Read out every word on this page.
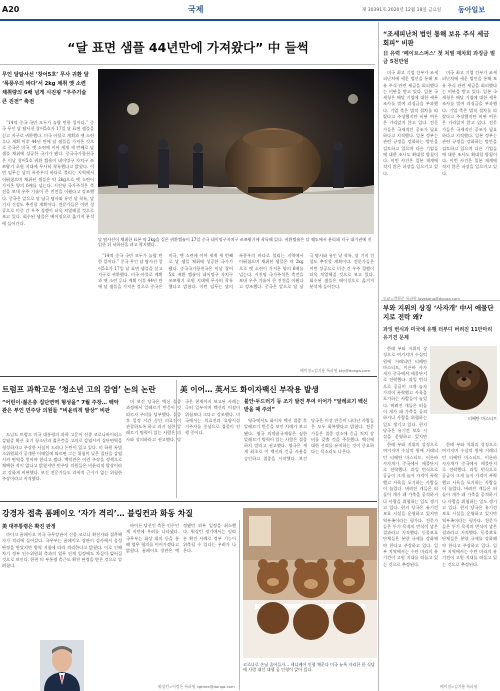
A20	국제	제 30391호 2020년 12월 18일 금요일 동아일보
“달 표면 샘플 44년만에 가져왔다” 中 들썩
무인 달탐사선 ‘창어5호’ 무사 귀환 달 ‘폭풍우의 바다’서 2kg 채취 옛 소련 채취량의 6배 넘게 시진핑 “우주기술 큰 진전” 축전

“14억 중국 국민 모두가 놀랄 만한 일이다.” 중국 무인 달 탐사선 창어5호가 17일 달 표면 샘플을 싣고 지구로 귀환했다. 미국 아폴로 계획과 옛 소련 루나 계획 이후 44년 만에 달 샘플을 가져온 것으로 중국은 미국, 옛 소련에 이어 세계 세 번째로 달 샘플 채취에 성공한 국가가 됐다. 중국국가항천국은 이날 창어5호 귀환 캡슐이 네이멍구 자치구 쓰쯔왕기 초원 지대에 무사히 착륙했다고 밝혔다. 이번 임무는 달의 폭풍우의 바다로 불리는 지역에서 이뤄졌으며 채취된 샘플은 약 2kg으로 옛 소련이 가져온 양의 6배를 넘는다. 시진핑 국가주석은 축전을 보내 우주 기술이 큰 진전을 이뤘다고 강조했다. 중국은 앞으로 달 남극 탐사와 유인 달 착륙, 달 기지 건설도 추진할 계획이다. 전문가들은 이번 성공으로 미중 간 우주 경쟁이 더욱 치열해질 것으로 보고 있다. 회수된 샘플은 베이징으로 옮겨져 분석에 들어간다.

달 탐사선이 채취한 표본 약 2kg을 실은 귀환캡슐이 17일 중국 네이멍구자치구 쓰쯔왕기에 착륙해 있다. 귀환캡슐은 달 궤도에서 분리돼 지구 대기권에 진입한 뒤 낙하산을 펴고 착지했다.

“14억 중국 국민 모두가 놀랄 만한 일이다.” 중국 무인 달 탐사선 창어5호가 17일 달 표면 샘플을 싣고 지구로 귀환했다. 미국 아폴로 계획과 옛 소련 루나 계획 이후 44년 만에 달 샘플을 가져온 것으로 중국은 미국, 옛 소련에 이어 세계 세 번째로 달 샘플 채취에 성공한 국가가 됐다. 중국국가항천국은 이날 창어5호 귀환 캡슐이 네이멍구 자치구 쓰쯔왕기 초원 지대에 무사히 착륙했다고 밝혔다. 이번 임무는 달의 폭풍우의 바다로 불리는 지역에서 이뤄졌으며 채취된 샘플은 약 2kg으로 옛 소련이 가져온 양의 6배를 넘는다. 시진핑 국가주석은 축전을 보내 우주 기술이 큰 진전을 이뤘다고 강조했다. 중국은 앞으로 달 남극 탐사와 유인 달 착륙, 달 기지 건설도 추진할 계획이다. 전문가들은 이번 성공으로 미중 간 우주 경쟁이 더욱 치열해질 것으로 보고 있다. 회수된 샘플은 베이징으로 옮겨져 분석에 들어간다.

베이징=김기용 특파원 kky@donga.com
“조세피난처 법인 통해 보유 주식 세금 회피” 비판
日 유력 ‘페이트스퍼스’ 첫 처벌 재차회 과징금 벌금 5천만원

미국 최고 기업 간부가 조세피난처에 세운 법인을 통해 보유 주식 관련 세금을 회피했다는 비판을 받고 있다. 일본 국세청은 해당 기업에 대한 세무조사를 벌여 과징금을 부과했다. 기업 측은 법적 절차를 따랐다고 주장했지만 비판 여론은 가라앉지 않고 있다. 전문가들은 국제적인 공조가 필요하다고 지적했다. 일본 정부는 관련 규정을 강화하는 방안을 검토하고 있으며 다른 기업들에 대한 조사도 확대할 방침이다. 이번 사건은 일본 재계에 적지 않은 파장을 일으키고 있다.

미국 최고 기업 간부가 조세피난처에 세운 법인을 통해 보유 주식 관련 세금을 회피했다는 비판을 받고 있다. 일본 국세청은 해당 기업에 대한 세무조사를 벌여 과징금을 부과했다. 기업 측은 법적 절차를 따랐다고 주장했지만 비판 여론은 가라앉지 않고 있다. 전문가들은 국제적인 공조가 필요하다고 지적했다. 일본 정부는 관련 규정을 강화하는 방안을 검토하고 있으며 다른 기업들에 대한 조사도 확대할 방침이다. 이번 사건은 일본 재계에 적지 않은 파장을 일으키고 있다.

도쿄=박형준 특파원 lovesong@donga.com
부와 지위의 상징 ‘사자개’ 中서 애물단지로 전락 왜?
과잉 번식과 미국에 유행 터부디 버려진 11만마리 유기견 문제

한때 부와 지위의 상징으로 여겨지며 수십억 원에 거래되던 티베탄 마스티프, 이른바 사자개가 중국에서 애물단지로 전락했다. 과잉 번식으로 공급이 크게 늘자 가격이 폭락했고 사육을 포기하는 사람들이 늘었다. 버려진 개들은 떠돌이 개가 돼 가축을 공격하거나 사람을 위협하는 일도 생기고 있다. 현지 당국은 유기견 보호 시설을 운영하고 있지만

티베탄 마스티프

한때 부와 지위의 상징으로 여겨지며 수십억 원에 거래되던 티베탄 마스티프, 이른바 사자개가 중국에서 애물단지로 전락했다. 과잉 번식으로 공급이 크게 늘자 가격이 폭락했고 사육을 포기하는 사람들이 늘었다. 버려진 개들은 떠돌이 개가 돼 가축을 공격하거나 사람을 위협하는 일도 생기고 있다. 현지 당국은 유기견 보호 시설을 운영하고 있지만 역부족이라는 평가다. 전문가들은 투기 목적의 번식이 낳은 결과라고 지적했다. 동물보호단체들은 분양 규제를 강화해야 한다고 주장하고 있다. 일부 지역에서는 수만 마리의 유기견이 고원 지대를 떠돌고 있는 것으로 추정된다.

한때 부와 지위의 상징으로 여겨지며 수십억 원에 거래되던 티베탄 마스티프, 이른바 사자개가 중국에서 애물단지로 전락했다. 과잉 번식으로 공급이 크게 늘자 가격이 폭락했고 사육을 포기하는 사람들이 늘었다. 버려진 개들은 떠돌이 개가 돼 가축을 공격하거나 사람을 위협하는 일도 생기고 있다. 현지 당국은 유기견 보호 시설을 운영하고 있지만 역부족이라는 평가다. 전문가들은 투기 목적의 번식이 낳은 결과라고 지적했다. 동물보호단체들은 분양 규제를 강화해야 한다고 주장하고 있다. 일부 지역에서는 수만 마리의 유기견이 고원 지대를 떠돌고 있는 것으로 추정된다.

베이징=김기용 특파원
트럼프 과학고문 ‘청소년 고의 감염’ 논의 논란
“어린이·젊은층 집단면역 형성을” 7월 주장… 백악관은 부인 민주당 의원들 “비윤리적 발상” 비판

도널드 트럼프 미국 대통령의 과학 고문이 신종 코로나바이러스 감염증 확산 초기 청소년과 젊은층을 고의로 감염시켜 집단면역을 형성하자고 주장한 사실이 드러나 논란이 일고 있다. 미 하원 특별소위원회가 공개한 이메일에 따르면 그는 위험이 낮은 집단을 감염시켜 면역을 얻어야 한다고 썼다. 백악관은 이런 주장을 정책으로 채택한 적이 없다고 밝혔지만 민주당 의원들은 비윤리적 발상이라고 강하게 비판했다. 보건 전문가들도 과학적 근거가 없는 위험한 주장이라고 지적했다.

미 보건 당국은 백신 접종 과정에서 알레르기 반응이 잇따르자 주의를 당부했다. 접종 후 일정 시간 동안 의료진이 관찰하도록 하고 과거 심한 알레르기 병력이 있는 사람은 의사와 상의하라고 권고했다. 당국은 현재까지 보고된 사례는 극히 일부이며 백신의 이점이 위험보다 크다고 강조했다. 미국에서는 의료진과 요양시설 거주자를 중심으로 접종이 진행 중이다.

美 이어… 英서도 화이자백신 부작용 발생
불안·두드러기 등 조기 발견 투여 이어가 “알레르기 백신 받을 때 주의”

영국에서도 화이자 백신 접종 후 알레르기 반응을 보인 사례가 보고됐다. 영국 의약품규제청은 심한 알레르기 병력이 있는 사람은 접종하지 말라고 권고했다. 영국은 세계 최초로 이 백신의 긴급 사용을 승인하고 접종을 시작했다. 보건 당국은 이상 반응이 나타난 사람들은 모두 회복했다고 밝혔다. 전문가들은 접종 장소에 응급 처치 장비를 갖출 것을 주문했다. 백신에 대한 신뢰를 유지하는 것이 중요하다는 목소리도 나온다.

강경자 접촉 폼페이오 ‘자가 격리’… 블링컨과 화동 차질
美 대부통령은 확진 판정

마이크 폼페이오 미국 국무장관이 신종 코로나 확진자와 접촉해 자가 격리에 들어갔다. 국무부는 폼페이오 장관이 검사에서 음성 판정을 받았지만 방역 지침에 따라 격리한다고 밝혔다. 이로 인해 차기 정부 인수위원회 측과의 업무 인계 일정에도 차질이 빚어질 것으로 보인다. 한편 미 부통령 측근도 확진 판정을 받은 것으로 알려졌다.

바이든 당선인 측은 인수인계 지연에 우려를 나타냈다. 국무부는 화상 회의 등을 통해 업무 협의를 이어가겠다고 밝혔다. 폼페이오 장관은 예정됐던 외부 일정을 취소했다. 워싱턴 정가에서는 잇따른 확진 사례로 정부 기능이 위축될 수 있다는 우려가 나온다.

워싱턴=이정은 특파원 lightee@donga.com
코로나로 손님 줄어들자… 테디베어 인형 채운다 미국 뉴욕 자리한 한 식당에 사람 대신 대형 곰 인형이 앉아 있다.
